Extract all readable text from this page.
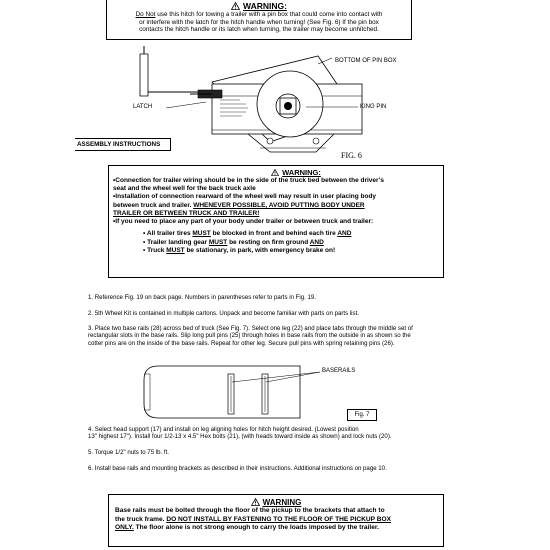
WARNING:
Do Not use this hitch for towing a trailer with a pin box that could come into contact with
or interfere with the latch for the hitch handle when turning! (See Fig. 6) If the pin box
contacts the hitch handle or its latch when turning, the trailer may become unhitched.
BOTTOM OF PIN BOX
LATCH	KING PIN
FIG. 6
ASSEMBLY INSTRUCTIONS
WARNING:
•Connection for trailer wiring should be in the side of the truck bed between the driver’s
seat and the wheel well for the back truck axle
•Installation of connection rearward of the wheel well may result in user placing body
between truck and trailer. WHENEVER POSSIBLE, AVOID PUTTING BODY UNDER
TRAILER OR BETWEEN TRUCK AND TRAILER!
•If you need to place any part of your body under trailer or between truck and trailer:
• All trailer tires MUST be blocked in front and behind each tire AND
• Trailer landing gear MUST be resting on firm ground AND
• Truck MUST be stationary, in park, with emergency brake on!
1. Reference Fig. 19 on back page. Numbers in parentheses refer to parts in Fig. 19.
2. 5th Wheel Kit is contained in multiple cartons. Unpack and become familiar with parts on parts list.

3. Place two base rails (28) across bed of truck (See Fig. 7). Select one leg (22) and place tabs through the middle set of

rectangular slots in the base rails. Slip long pull pins (25) through holes in base rails from the outside in as shown so the

cotter pins are on the inside of the base rails. Repeat for other leg. Secure pull pins with spring retaining pins (26).

BASERAILS
Fig. 7

4. Select head support (17) and install on leg aligning holes for hitch height desired. (Lowest position

13" highest 17"). Install four 1/2-13 x 4.5" Hex bolts (21), (with heads toward inside as shown) and lock nuts (20).

5. Torque 1/2" nuts to 75 lb. ft.
6. Install base rails and mounting brackets as described in their instructions. Additional instructions on page 10.
WARNING
Base rails must be bolted through the floor of the pickup to the brackets that attach to
the truck frame. DO NOT INSTALL BY FASTENING TO THE FLOOR OF THE PICKUP BOX
ONLY. The floor alone is not strong enough to carry the loads imposed by the trailer.
